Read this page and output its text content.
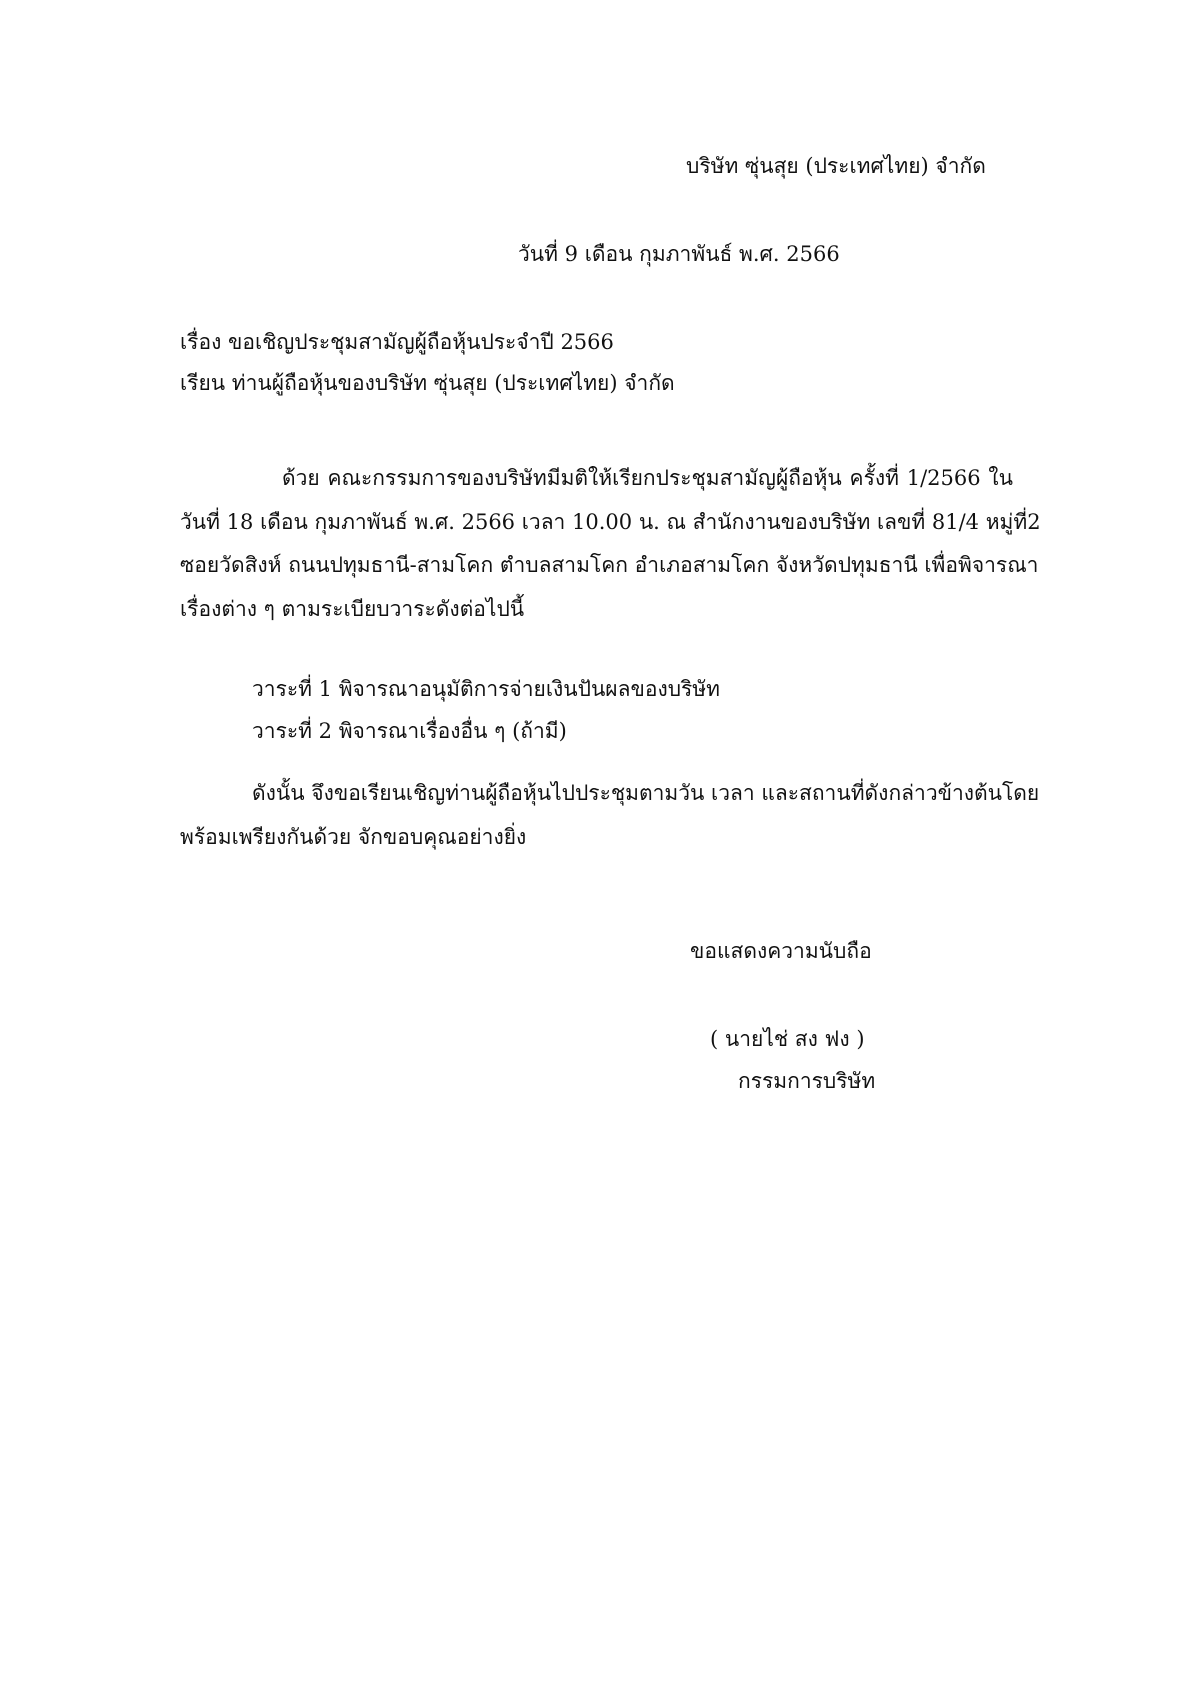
บริษัท ซุ่นสุย (ประเทศไทย) จำกัด
วันที่ 9 เดือน กุมภาพันธ์ พ.ศ. 2566
เรื่อง ขอเชิญประชุมสามัญผู้ถือหุ้นประจำปี 2566
เรียน ท่านผู้ถือหุ้นของบริษัท ซุ่นสุย (ประเทศไทย) จำกัด
ด้วย คณะกรรมการของบริษัทมีมติให้เรียกประชุมสามัญผู้ถือหุ้น ครั้งที่ 1/2566 ใน
วันที่ 18 เดือน กุมภาพันธ์ พ.ศ. 2566 เวลา 10.00 น. ณ สำนักงานของบริษัท เลขที่ 81/4 หมู่ที่2
ซอยวัดสิงห์ ถนนปทุมธานี-สามโคก ตำบลสามโคก อำเภอสามโคก จังหวัดปทุมธานี เพื่อพิจารณา
เรื่องต่าง ๆ ตามระเบียบวาระดังต่อไปนี้
วาระที่ 1 พิจารณาอนุมัติการจ่ายเงินปันผลของบริษัท
วาระที่ 2 พิจารณาเรื่องอื่น ๆ (ถ้ามี)
ดังนั้น จึงขอเรียนเชิญท่านผู้ถือหุ้นไปประชุมตามวัน เวลา และสถานที่ดังกล่าวข้างต้นโดย
พร้อมเพรียงกันด้วย จักขอบคุณอย่างยิ่ง
ขอแสดงความนับถือ
( นายไช่ สง ฟง )
กรรมการบริษัท
